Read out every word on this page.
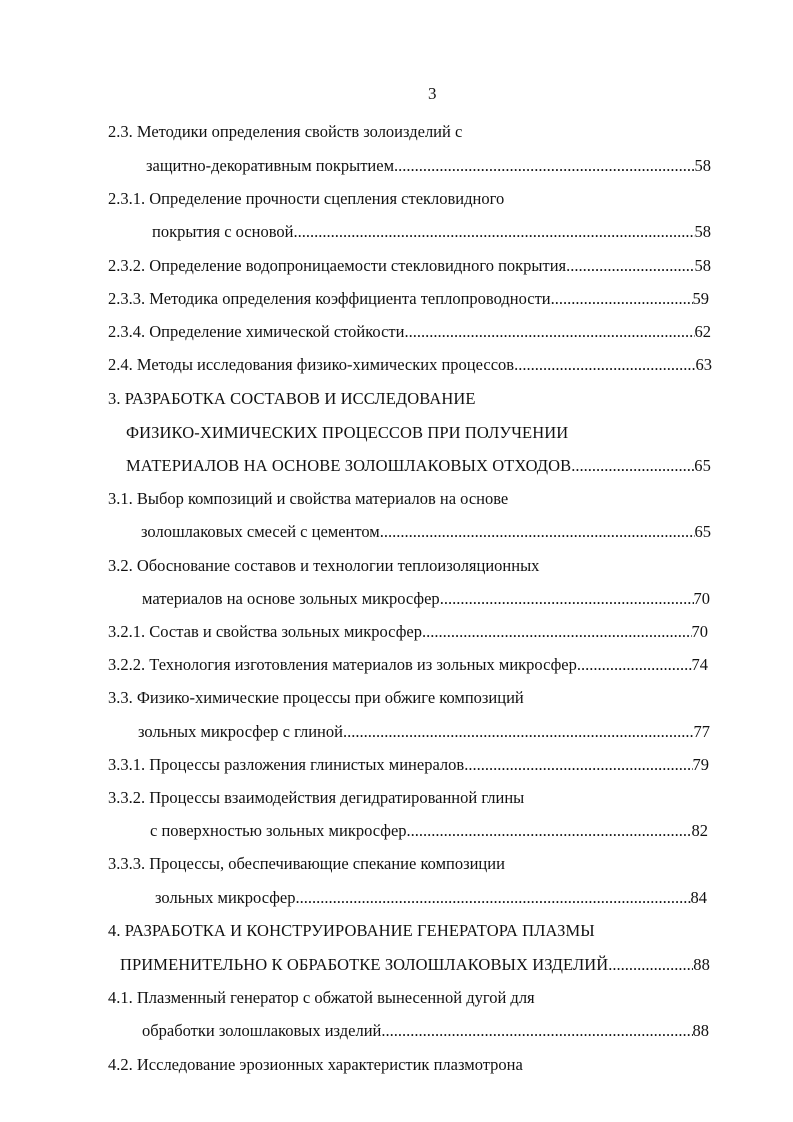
3
2.3. Методики определения свойств золоизделий с
защитно-декоративным покрытием .....	58
2.3.1. Определение прочности сцепления стекловидного
покрытия с основой .....	58
2.3.2. Определение водопроницаемости стекловидного покрытия .....	58
2.3.3. Методика определения коэффициента теплопроводности .....	59
2.3.4. Определение химической стойкости .....	62
2.4. Методы исследования физико-химических процессов .....	63
3. РАЗРАБОТКА СОСТАВОВ И ИССЛЕДОВАНИЕ
ФИЗИКО-ХИМИЧЕСКИХ ПРОЦЕССОВ ПРИ ПОЛУЧЕНИИ
МАТЕРИАЛОВ НА ОСНОВЕ ЗОЛОШЛАКОВЫХ ОТХОДОВ .....	65
3.1. Выбор композиций и свойства материалов на основе
золошлаковых смесей с цементом .....	65
3.2. Обоснование составов и технологии теплоизоляционных
материалов на основе зольных микросфер .....	70
3.2.1. Состав и свойства зольных микросфер .....	70
3.2.2. Технология изготовления материалов из зольных микросфер .....	74
3.3. Физико-химические процессы при обжиге композиций
зольных микросфер с глиной .....	77
3.3.1. Процессы разложения глинистых минералов .....	79
3.3.2. Процессы взаимодействия дегидратированной глины
с поверхностью зольных микросфер .....	82
3.3.3. Процессы, обеспечивающие спекание композиции
зольных микросфер .....	84
4. РАЗРАБОТКА И КОНСТРУИРОВАНИЕ ГЕНЕРАТОРА ПЛАЗМЫ
ПРИМЕНИТЕЛЬНО К ОБРАБОТКЕ ЗОЛОШЛАКОВЫХ ИЗДЕЛИЙ .....	88
4.1. Плазменный генератор с обжатой вынесенной дугой для
обработки золошлаковых изделий .....	88
4.2. Исследование эрозионных характеристик плазмотрона
